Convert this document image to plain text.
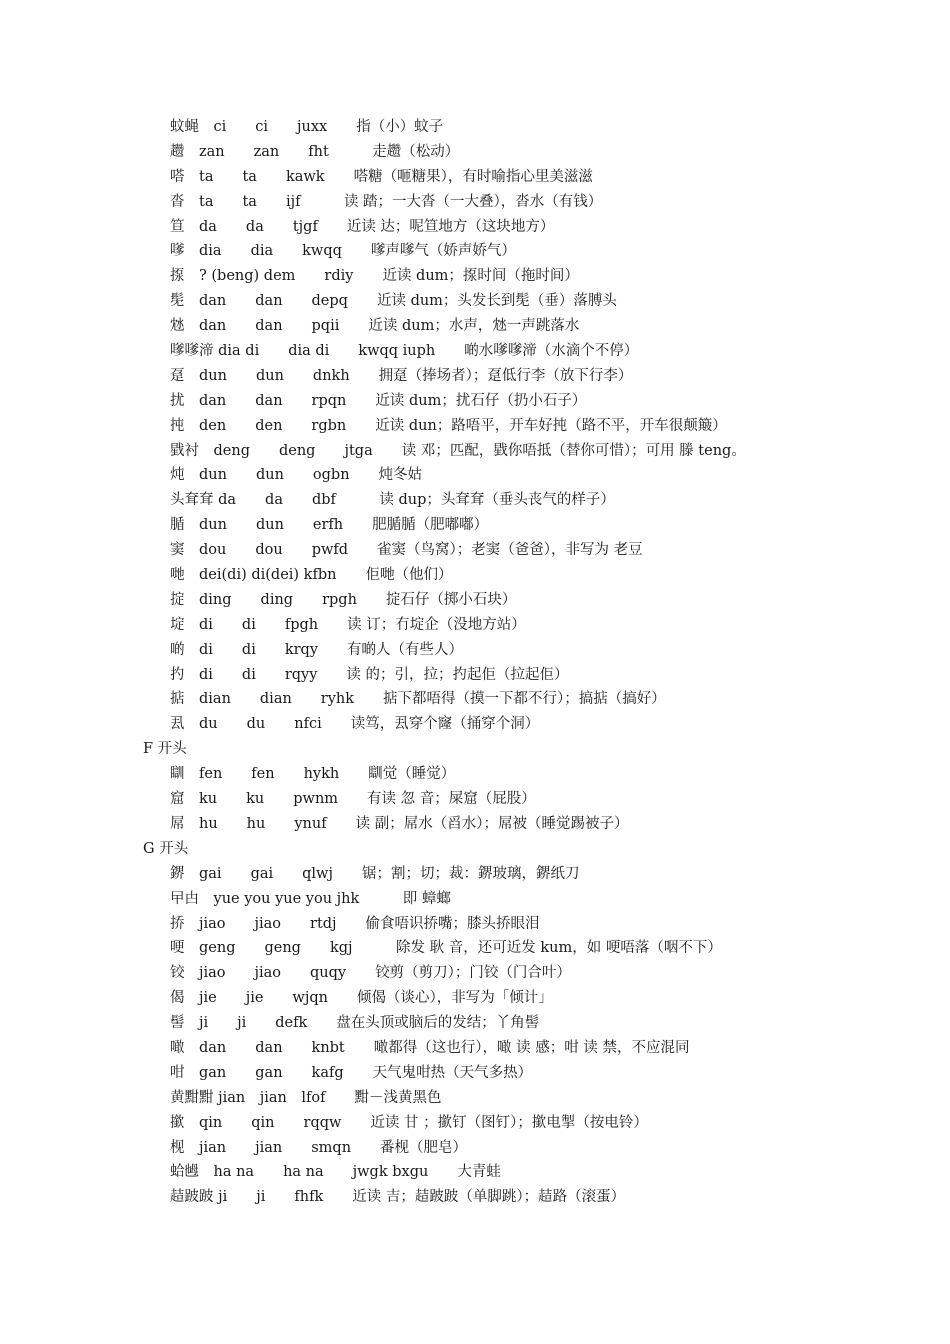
蚊蝇　ci　　ci　　juxx　　指（小）蚊子
趱　zan　　zan　　fht　　　走趱（松动）
嗒　ta　　ta　　kawk　　嗒糖（咂糖果），有时喻指心里美滋滋
沓　ta　　ta　　ijf　　　读 踏；一大沓（一大叠），沓水（有钱）
笪　da　　da　　tjgf　　近读 达；呢笪地方（这块地方）
嗲　dia　　dia　　kwqq　　嗲声嗲气（娇声娇气）
揼　? (beng) dem　　rdiy　　近读 dum；揼时间（拖时间）
髧　dan　　dan　　depq　　近读 dum；头发长到髧（垂）落膊头
沊　dan　　dan　　pqii　　近读 dum；水声，沊一声跳落水
嗲嗲渧 dia di　　dia di　　kwqq iuph　　啲水嗲嗲渧（水滴个不停）
趸　dun　　dun　　dnkh　　拥趸（捧场者）；趸低行李（放下行李）
扰　dan　　dan　　rpqn　　近读 dum；扰石仔（扔小石子）
扽　den　　den　　rgbn　　近读 dun；路唔平，开车好扽（路不平，开车很颠簸）
戥衬　deng　　deng　　jtga　　读 邓；匹配，戥你唔抵（替你可惜）；可用 滕 teng。
炖　dun　　dun　　ogbn　　炖冬姑
头耷耷 da　　da　　dbf　　　读 dup；头耷耷（垂头丧气的样子）
腯　dun　　dun　　erfh　　肥腯腯（肥嘟嘟）
窦　dou　　dou　　pwfd　　雀窦（鸟窝）；老窦（爸爸），非写为 老豆
哋　dei(di) di(dei) kfbn　　佢哋（他们）
掟　ding　　ding　　rpgh　　掟石仔（掷小石块）
埞　di　　di　　fpgh　　读 订；冇埞企（没地方站）
啲　di　　di　　krqy　　有啲人（有些人）
扚　di　　di　　rqyy　　读 的；引，拉；扚起佢（拉起佢）
掂　dian　　dian　　ryhk　　掂下都唔得（摸一下都不行）；搞掂（搞好）
厾　du　　du　　nfci　　读笃，厾穿个窿（捅穿个洞）
F 开头
瞓　fen　　fen　　hykh　　瞓觉（睡觉）
窟　ku　　ku　　pwnm　　有读 忽 音；屎窟（屁股）
屌　hu　　hu　　ynuf　　读 副；屌水（舀水）；屌被（睡觉踢被子）
G 开头
鎅　gai　　gai　　qlwj　　锯；割；切；裁：鎅玻璃，鎅纸刀
曱甴　yue you yue you jhk　　　即 蟑螂
挢　jiao　　jiao　　rtdj　　偷食唔识挢嘴；膝头挢眼泪
哽　geng　　geng　　kgj　　　除发 耿 音，还可近发 kum，如 哽唔落（咽不下）
铰　jiao　　jiao　　quqy　　铰剪（剪刀）；门铰（门合叶）
偈　jie　　jie　　wjqn　　倾偈（谈心），非写为「倾计」
髻　ji　　ji　　defk　　盘在头顶或脑后的发结；丫角髻
噉　dan　　dan　　knbt　　噉都得（这也行），噉 读 感；咁 读 禁，不应混同
咁　gan　　gan　　kafg　　天气鬼咁热（天气多热）
黄黚黚 jian　jian　lfof　　黚－浅黄黑色
撳　qin　　qin　　rqqw　　近读 甘 ；撳钉（图钉）；撳电掣（按电铃）
枧　jian　　jian　　smqn　　番枧（肥皂）
蛤乸　ha na　　ha na　　jwgk bxgu　　大青蛙
趌跛跛 ji　　ji　　fhfk　　近读 吉；趌跛跛（单脚跳）；趌路（滚蛋）
